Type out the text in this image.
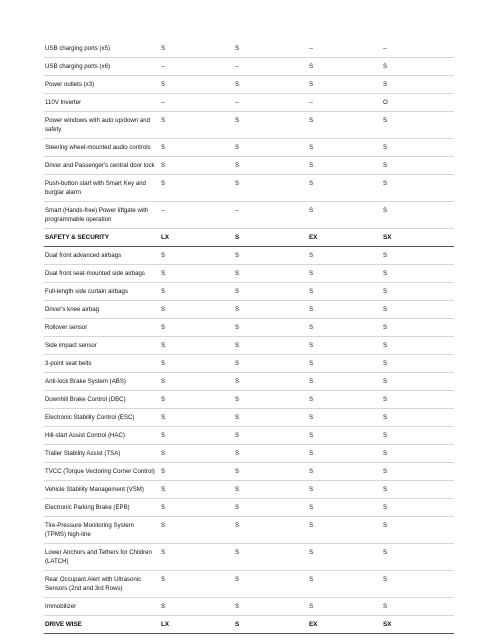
USB charging ports (x5)	S	S	--	--
USB charging ports (x6)	--	--	S	S
Power outlets (x3)	S	S	S	S
110V Inverter	--	--	--	O
Power windows with auto up/down and safety	S	S	S	S
Steering wheel-mounted audio controls	S	S	S	S
Driver and Passenger's central door lock	S	S	S	S
Push-button start with Smart Key and burglar alarm	S	S	S	S
Smart (Hands-free) Power liftgate with programmable operation	--	--	S	S
SAFETY & SECURITY	LX	S	EX	SX
Dual front advanced airbags	S	S	S	S
Dual front seat-mounted side airbags	S	S	S	S
Full-length side curtain airbags	S	S	S	S
Driver's knee airbag	S	S	S	S
Rollover sensor	S	S	S	S
Side impact sensor	S	S	S	S
3-point seat belts	S	S	S	S
Anti-lock Brake System (ABS)	S	S	S	S
Downhill Brake Control (DBC)	S	S	S	S
Electronic Stability Control (ESC)	S	S	S	S
Hill-start Assist Control (HAC)	S	S	S	S
Trailer Stability Assist (TSA)	S	S	S	S
TVCC (Torque Vectoring Corner Control)	S	S	S	S
Vehicle Stability Management (VSM)	S	S	S	S
Electronic Parking Brake (EPB)	S	S	S	S
Tire-Pressure Monitoring System (TPMS) high-line	S	S	S	S
Lower Anchors and Tethers for Children (LATCH)	S	S	S	S
Rear Occupant Alert with Ultrasonic Sensors (2nd and 3rd Rows)	S	S	S	S
Immobilizer	S	S	S	S
DRIVE WISE	LX	S	EX	SX
